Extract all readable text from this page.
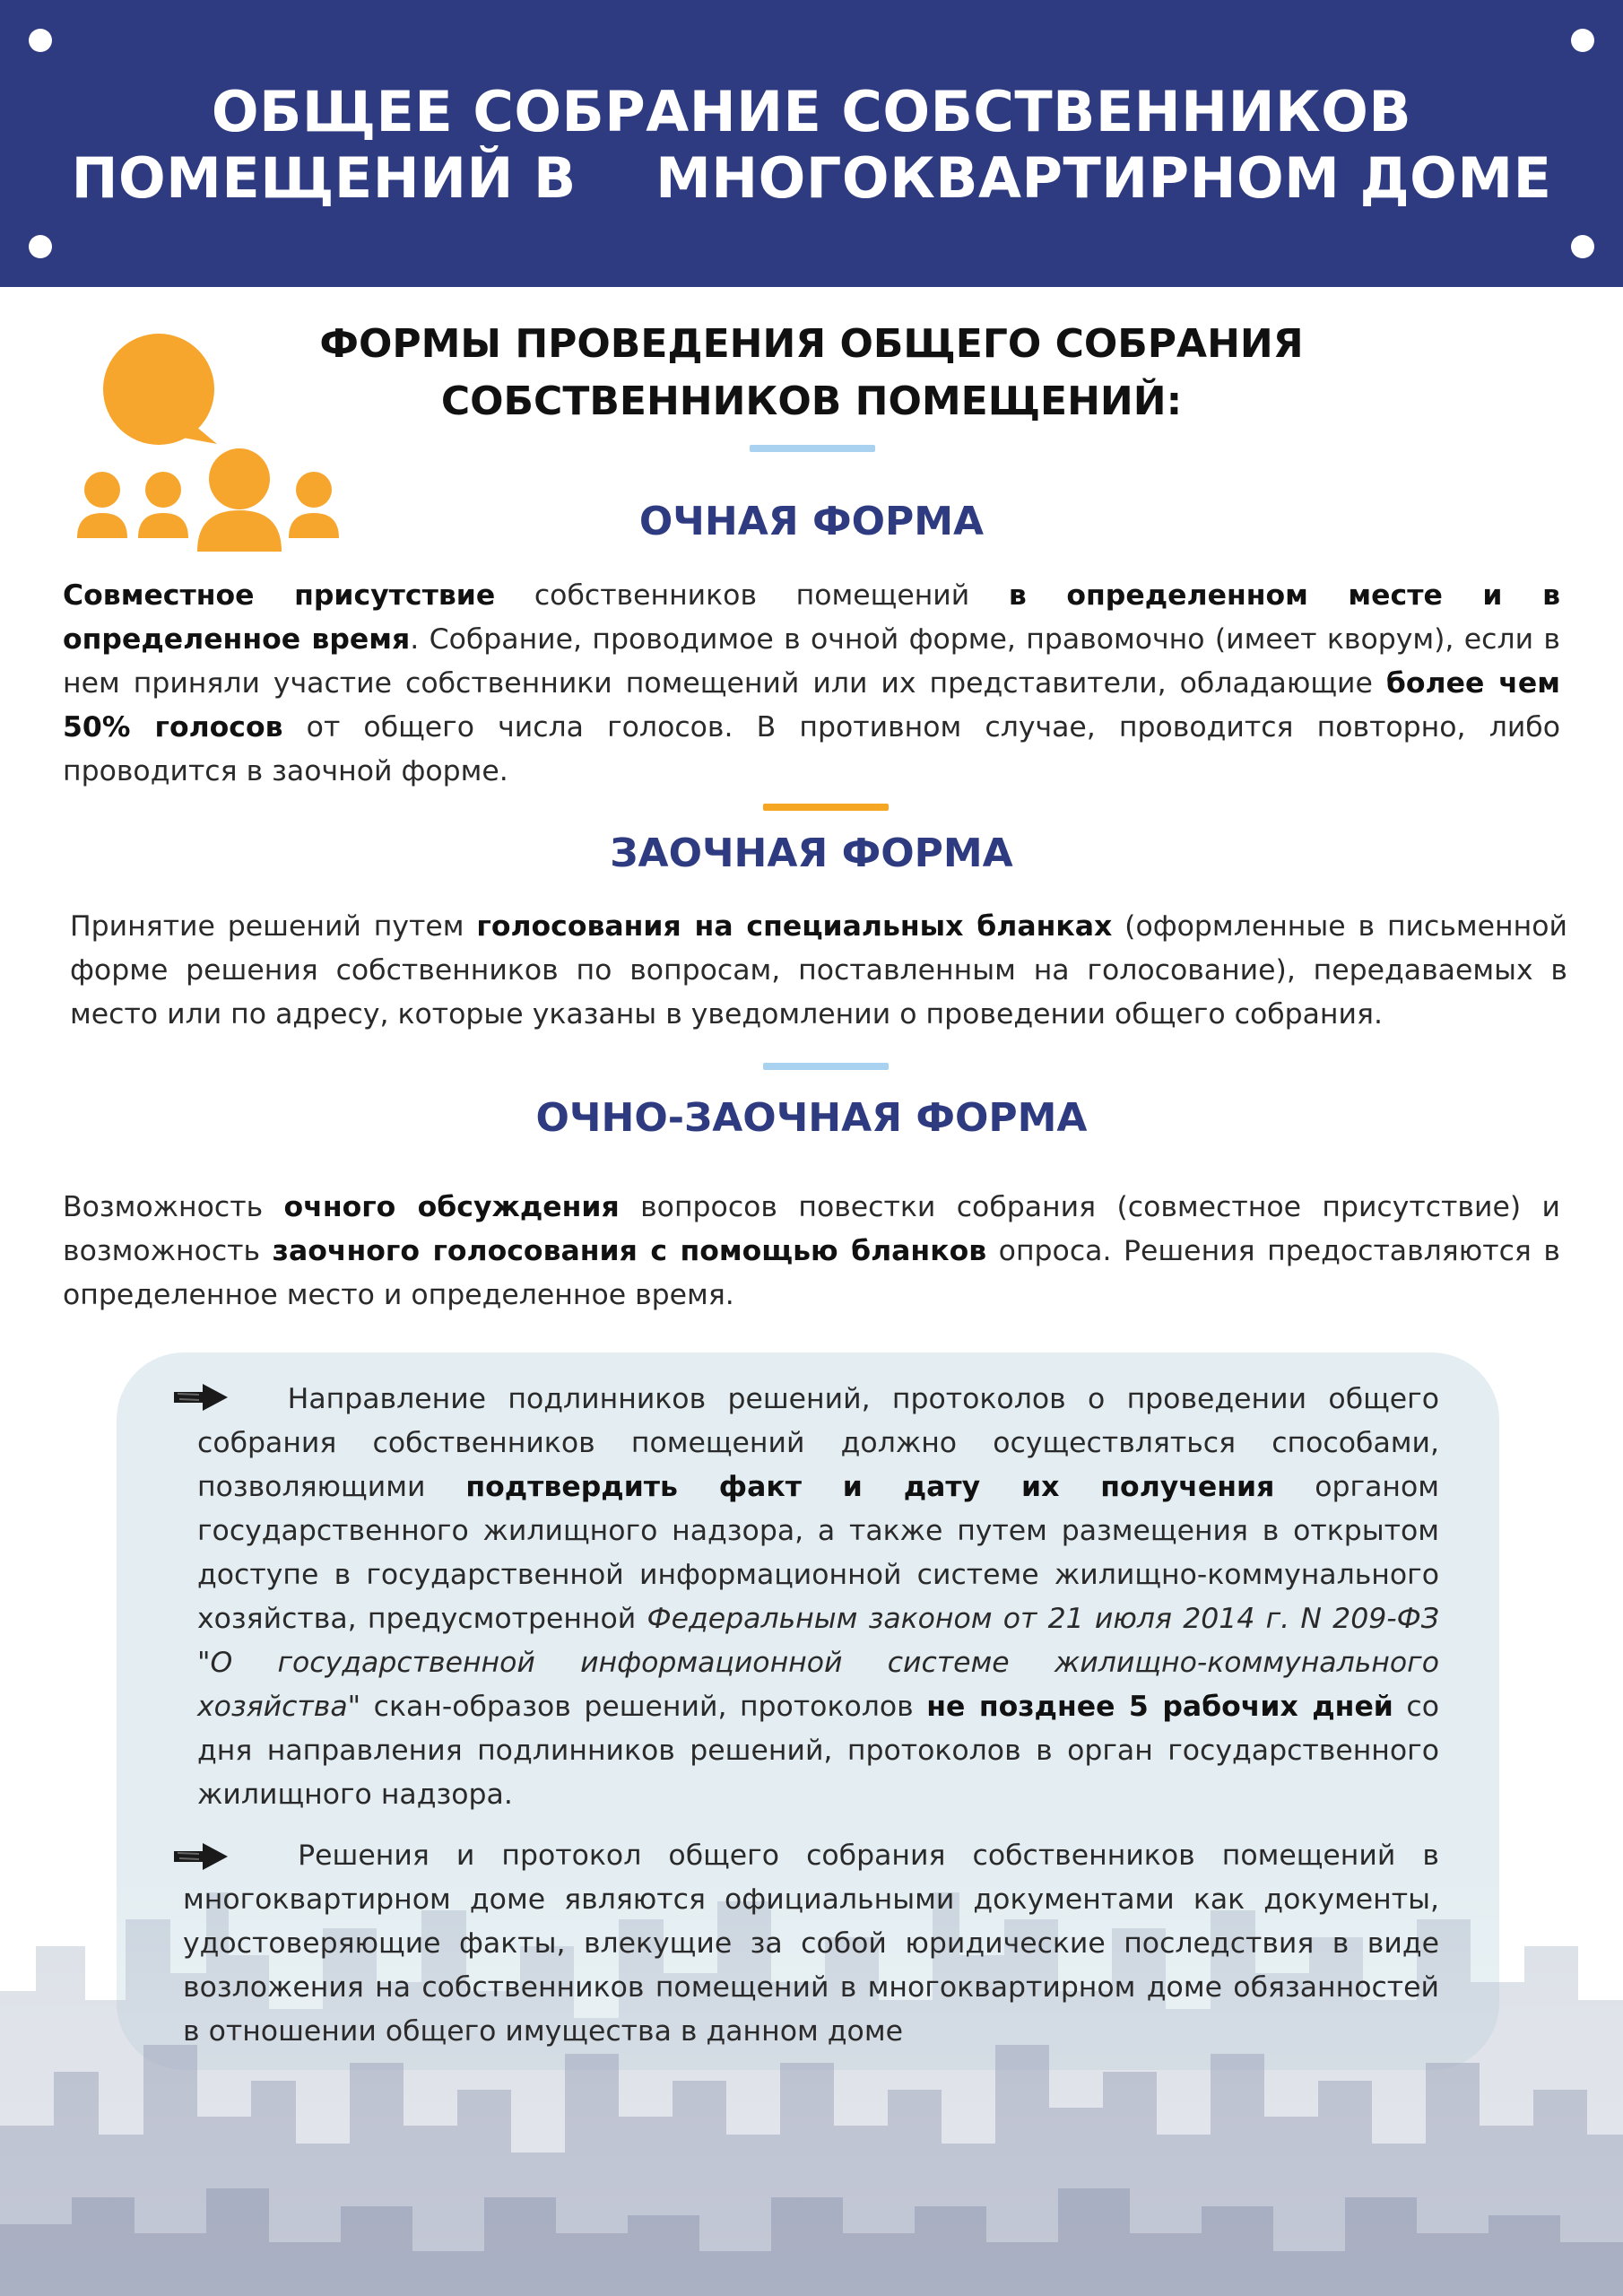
ОБЩЕЕ СОБРАНИЕ СОБСТВЕННИКОВ
ПОМЕЩЕНИЙ В    МНОГОКВАРТИРНОМ ДОМЕ
ФОРМЫ ПРОВЕДЕНИЯ ОБЩЕГО СОБРАНИЯ
СОБСТВЕННИКОВ ПОМЕЩЕНИЙ:
ОЧНАЯ ФОРМА

Совместное присутствие собственников помещений в определенном месте и в определенное время. Собрание, проводимое в очной форме, правомочно (имеет кворум), если в нем приняли участие собственники помещений или их представители, обладающие более чем 50% голосов от общего числа голосов. В противном случае, проводится повторно, либо проводится в заочной форме.

ЗАОЧНАЯ ФОРМА

Принятие решений путем голосования на специальных бланках (оформленные в письменной форме решения собственников по вопросам, поставленным на голосование), передаваемых в место или по адресу, которые указаны в уведомлении о проведении общего собрания.

ОЧНО-ЗАОЧНАЯ ФОРМА

Возможность очного обсуждения вопросов повестки собрания (совместное присутствие) и возможность заочного голосования с помощью бланков опроса. Решения предоставляются в определенное место и определенное время.

Направление подлинников решений, протоколов о проведении общего собрания собственников помещений должно осуществляться способами, позволяющими подтвердить факт и дату их получения органом государственного жилищного надзора, а также путем размещения в открытом доступе в государственной информационной системе жилищно-коммунального хозяйства, предусмотренной Федеральным законом от 21 июля 2014 г. N 209-ФЗ "О государственной информационной системе жилищно-коммунального хозяйства" скан-образов решений, протоколов не позднее 5 рабочих дней со дня направления подлинников решений, протоколов в орган государственного жилищного надзора.

Решения и протокол общего собрания собственников помещений в многоквартирном доме являются официальными документами как документы, удостоверяющие факты, влекущие за собой юридические последствия в виде возложения на собственников помещений в многоквартирном доме обязанностей в отношении общего имущества в данном доме
